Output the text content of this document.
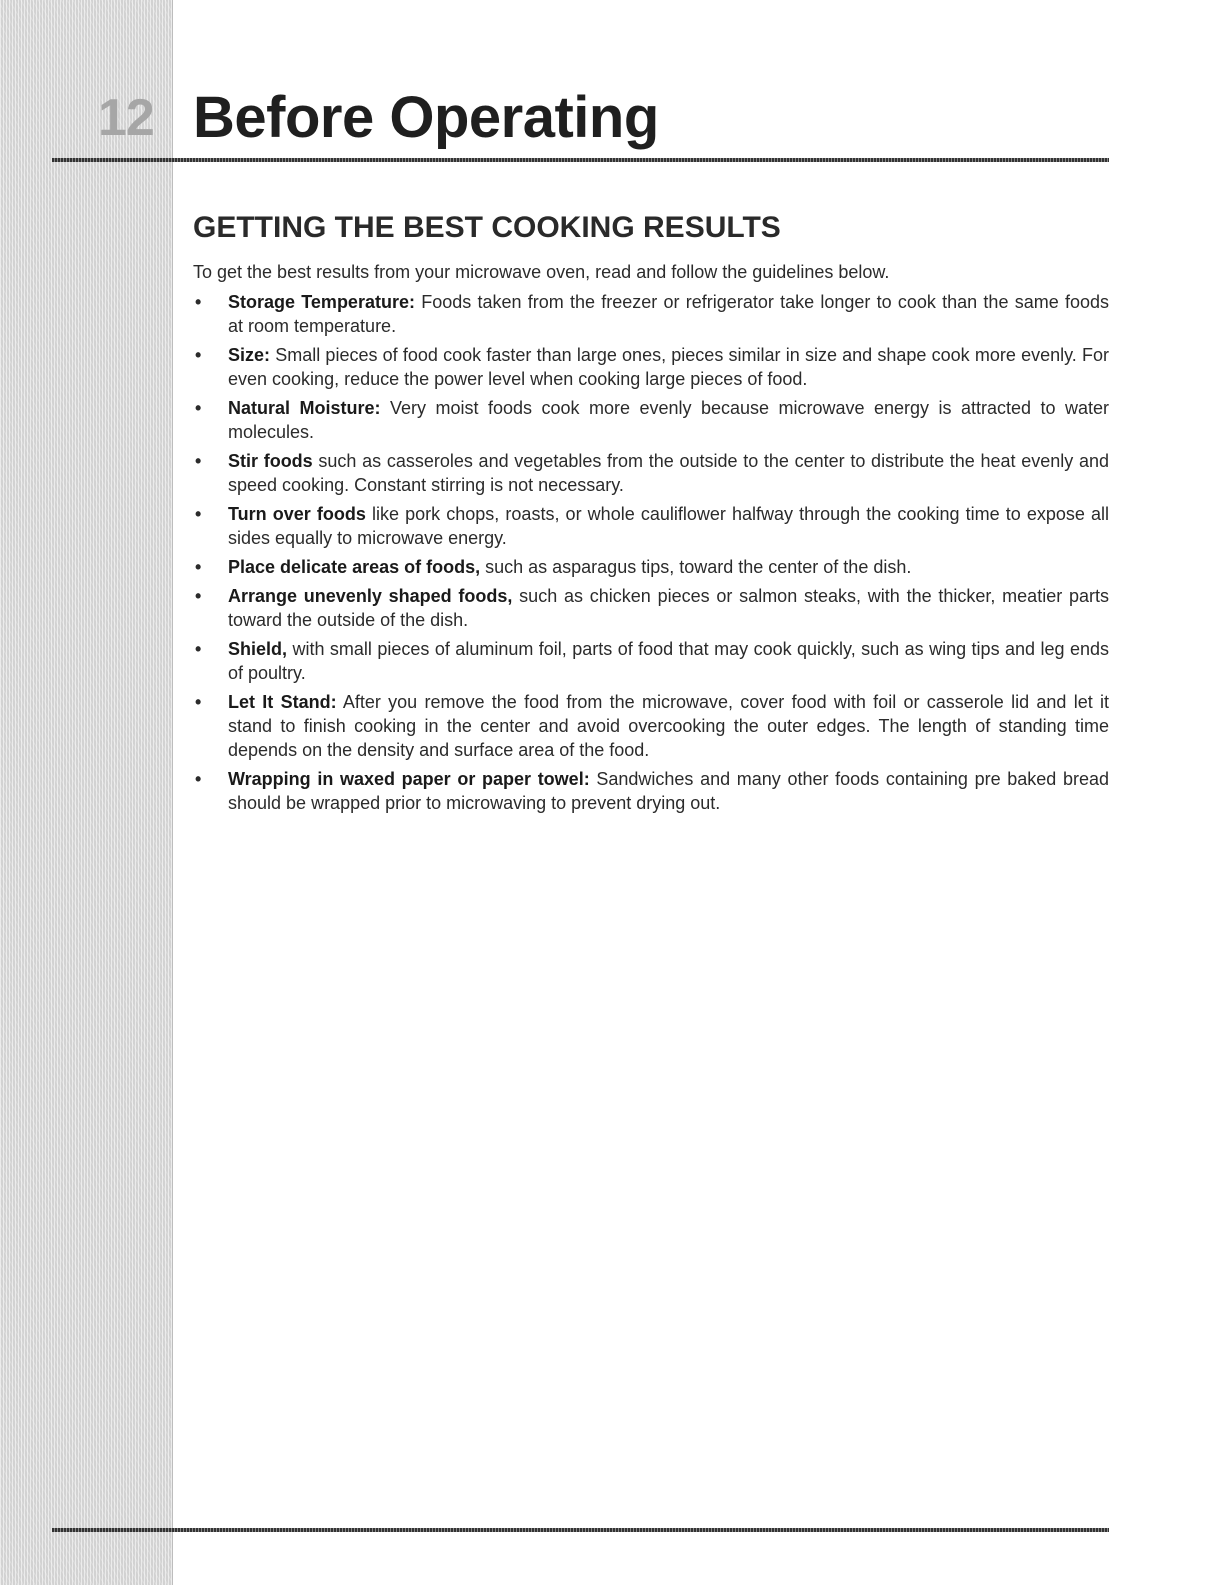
12 Before Operating
GETTING THE BEST COOKING RESULTS

To get the best results from your microwave oven, read and follow the guidelines below.

• Storage Temperature: Foods taken from the freezer or refrigerator take longer to cook than the same foods at room temperature.
• Size: Small pieces of food cook faster than large ones, pieces similar in size and shape cook more evenly. For even cooking, reduce the power level when cooking large pieces of food.
• Natural Moisture: Very moist foods cook more evenly because microwave energy is attracted to water molecules.
• Stir foods such as casseroles and vegetables from the outside to the center to distribute the heat evenly and speed cooking. Constant stirring is not necessary.
• Turn over foods like pork chops, roasts, or whole cauliflower halfway through the cooking time to expose all sides equally to microwave energy.
• Place delicate areas of foods, such as asparagus tips, toward the center of the dish.
• Arrange unevenly shaped foods, such as chicken pieces or salmon steaks, with the thicker, meatier parts toward the outside of the dish.
• Shield, with small pieces of aluminum foil, parts of food that may cook quickly, such as wing tips and leg ends of poultry.
• Let It Stand: After you remove the food from the microwave, cover food with foil or casserole lid and let it stand to finish cooking in the center and avoid overcooking the outer edges. The length of standing time depends on the density and surface area of the food.
• Wrapping in waxed paper or paper towel: Sandwiches and many other foods containing pre baked bread should be wrapped prior to microwaving to prevent drying out.
